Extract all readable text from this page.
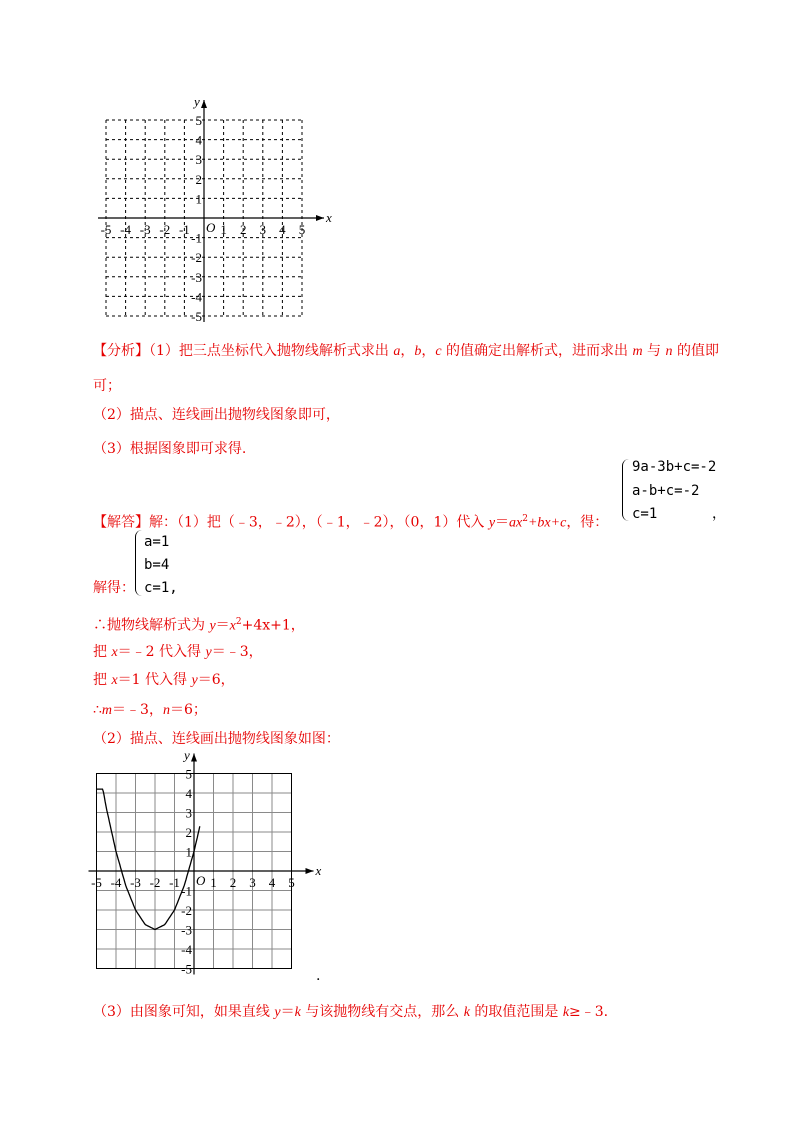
x
y
O
-5 -4 -3 -2 -1 1 2 3 4 5
5
4
3
2
1
-1
-2
-3
-4
-5
【分析】（1）把三点坐标代入抛物线解析式求出 a，b，c 的值确定出解析式，进而求出 m 与 n 的值即
可；
（2）描点、连线画出抛物线图象即可，
（3）根据图象即可求得.
【解答】解：（1）把（﹣3，﹣2），（﹣1，﹣2），（0，1）代入 $y=ax^2+bx+c$，得：
9a-3b+c=-2
a-b+c=-2
c=1	，
解得：
a=1
b=4
c=1,
∴抛物线解析式为 $y=x^2+4x+1$，
把 x＝﹣2 代入得 y＝﹣3，
把 x＝1 代入得 y＝6，
∴m＝﹣3，n＝6；
（2）描点、连线画出抛物线图象如图：
x
y
O
-5 -4 -3 -2 -1 1 2 3 4 5
5
4
3
2
1
-1
-2
-3
-4
-5	.
（3）由图象可知，如果直线 y＝k 与该抛物线有交点，那么 k 的取值范围是 k≥﹣3.
